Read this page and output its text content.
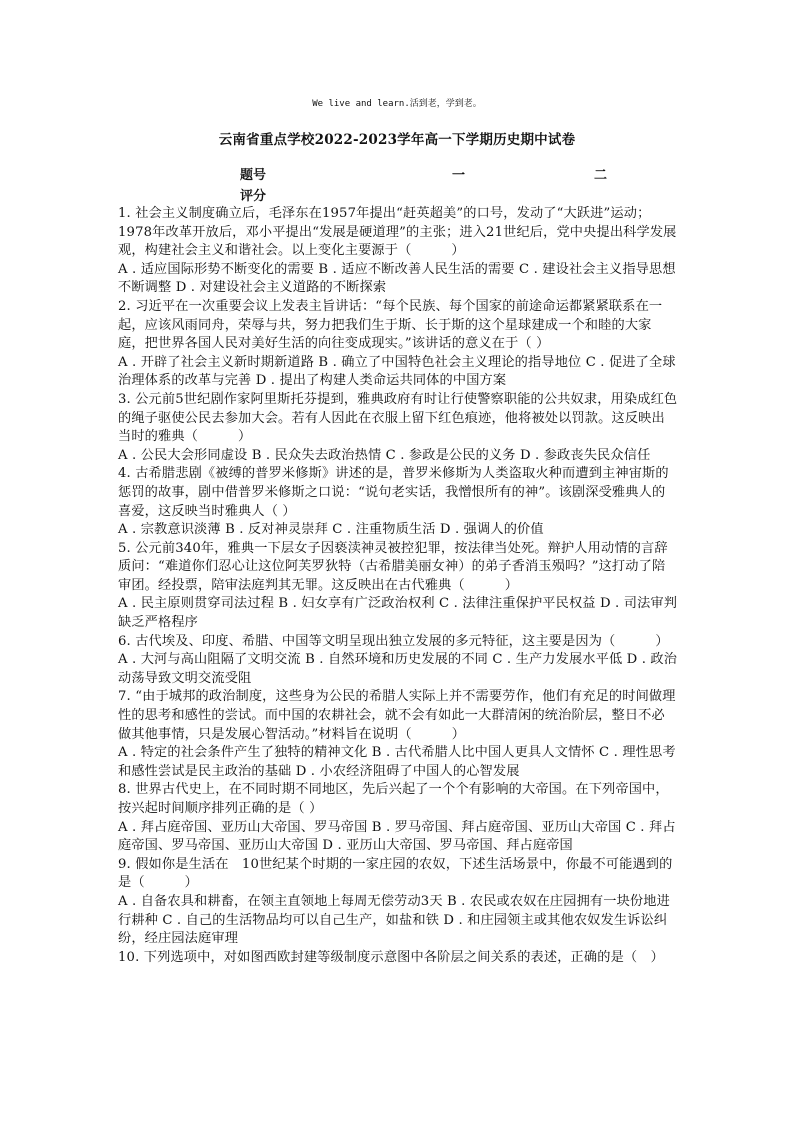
We live and learn.活到老，学到老。
云南省重点学校2022-2023学年高一下学期历史期中试卷
题号	一	二
评分

1. 社会主义制度确立后，毛泽东在1957年提出“赶英超美”的口号，发动了“大跃进”运动；1978年改革开放后，邓小平提出“发展是硬道理”的主张；进入21世纪后，党中央提出科学发展观，构建社会主义和谐社会。以上变化主要源于（　　　）

A . 适应国际形势不断变化的需要 B . 适应不断改善人民生活的需要 C . 建设社会主义指导思想不断调整 D . 对建设社会主义道路的不断探索

2. 习近平在一次重要会议上发表主旨讲话：“每个民族、每个国家的前途命运都紧紧联系在一起，应该风雨同舟，荣辱与共，努力把我们生于斯、长于斯的这个星球建成一个和睦的大家庭，把世界各国人民对美好生活的向往变成现实。”该讲话的意义在于（ ）

A . 开辟了社会主义新时期新道路 B . 确立了中国特色社会主义理论的指导地位 C . 促进了全球治理体系的改革与完善 D . 提出了构建人类命运共同体的中国方案

3. 公元前5世纪剧作家阿里斯托芬提到，雅典政府有时让行使警察职能的公共奴隶，用染成红色的绳子驱使公民去参加大会。若有人因此在衣服上留下红色痕迹，他将被处以罚款。这反映出当时的雅典（　　　）

A . 公民大会形同虚设 B . 民众失去政治热情 C . 参政是公民的义务 D . 参政丧失民众信任

4. 古希腊悲剧《被缚的普罗米修斯》讲述的是，普罗米修斯为人类盗取火种而遭到主神宙斯的惩罚的故事，剧中借普罗米修斯之口说：“说句老实话，我憎恨所有的神”。该剧深受雅典人的喜爱，这反映当时雅典人（ ）

A . 宗教意识淡薄 B . 反对神灵崇拜 C . 注重物质生活 D . 强调人的价值

5. 公元前340年，雅典一下层女子因亵渎神灵被控犯罪，按法律当处死。辩护人用动情的言辞质问：“难道你们忍心让这位阿芙罗狄特（古希腊美丽女神）的弟子香消玉殒吗？”这打动了陪审团。经投票，陪审法庭判其无罪。这反映出在古代雅典（　　　）

A . 民主原则贯穿司法过程 B . 妇女享有广泛政治权利 C . 法律注重保护平民权益 D . 司法审判缺乏严格程序

6. 古代埃及、印度、希腊、中国等文明呈现出独立发展的多元特征，这主要是因为（　　　）

A . 大河与高山阻隔了文明交流 B . 自然环境和历史发展的不同 C . 生产力发展水平低 D . 政治动荡导致文明交流受阻

7. “由于城邦的政治制度，这些身为公民的希腊人实际上并不需要劳作，他们有充足的时间做理性的思考和感性的尝试。而中国的农耕社会，就不会有如此一大群清闲的统治阶层，整日不必做其他事情，只是发展心智活动。”材料旨在说明（　　　）

A . 特定的社会条件产生了独特的精神文化 B . 古代希腊人比中国人更具人文情怀 C . 理性思考和感性尝试是民主政治的基础 D . 小农经济阻碍了中国人的心智发展

8. 世界古代史上，在不同时期不同地区，先后兴起了一个个有影响的大帝国。在下列帝国中，按兴起时间顺序排列正确的是（ ）

A . 拜占庭帝国、亚历山大帝国、罗马帝国 B . 罗马帝国、拜占庭帝国、亚历山大帝国 C . 拜占庭帝国、罗马帝国、亚历山大帝国 D . 亚历山大帝国、罗马帝国、拜占庭帝国

9. 假如你是生活在　10世纪某个时期的一家庄园的农奴，下述生活场景中，你最不可能遇到的是（　　　）

A . 自备农具和耕畜，在领主直领地上每周无偿劳动3天 B . 农民或农奴在庄园拥有一块份地进行耕种 C . 自己的生活物品均可以自己生产，如盐和铁 D . 和庄园领主或其他农奴发生诉讼纠纷，经庄园法庭审理

10. 下列选项中，对如图西欧封建等级制度示意图中各阶层之间关系的表述，正确的是（　）
